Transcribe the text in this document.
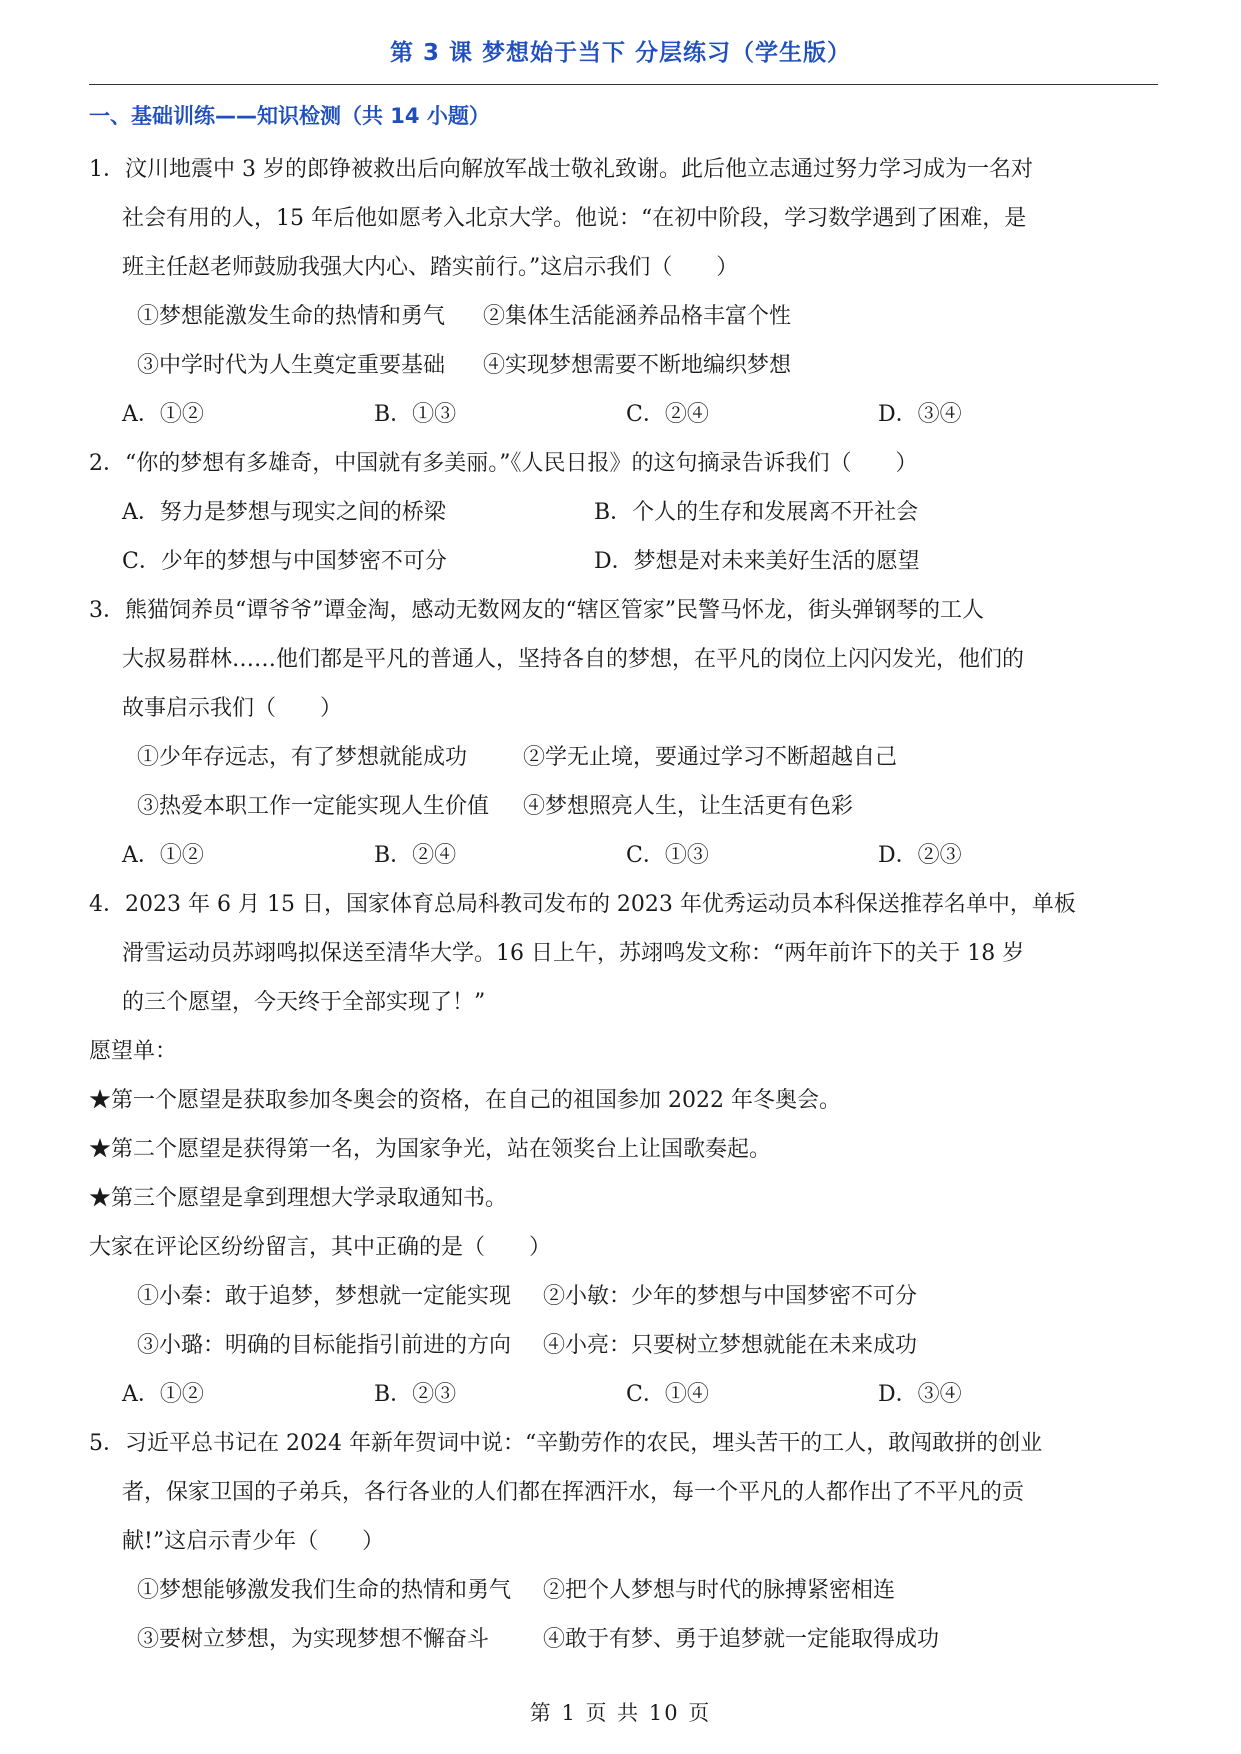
第 3 课 梦想始于当下 分层练习（学生版）
一、基础训练——知识检测（共 14 小题）
1．汶川地震中 3 岁的郎铮被救出后向解放军战士敬礼致谢。此后他立志通过努力学习成为一名对
社会有用的人，15 年后他如愿考入北京大学。他说：“在初中阶段，学习数学遇到了困难，是
班主任赵老师鼓励我强大内心、踏实前行。”这启示我们（　　）
①梦想能激发生命的热情和勇气	②集体生活能涵养品格丰富个性
③中学时代为人生奠定重要基础	④实现梦想需要不断地编织梦想
A．①②	B．①③	C．②④	D．③④
2．“你的梦想有多雄奇，中国就有多美丽。”《人民日报》的这句摘录告诉我们（　　）
A．努力是梦想与现实之间的桥梁	B．个人的生存和发展离不开社会
C．少年的梦想与中国梦密不可分	D．梦想是对未来美好生活的愿望
3．熊猫饲养员“谭爷爷”谭金淘，感动无数网友的“辖区管家”民警马怀龙，街头弹钢琴的工人
大叔易群林……他们都是平凡的普通人，坚持各自的梦想，在平凡的岗位上闪闪发光，他们的
故事启示我们（　　）
①少年存远志，有了梦想就能成功	②学无止境，要通过学习不断超越自己
③热爱本职工作一定能实现人生价值	④梦想照亮人生，让生活更有色彩
A．①②	B．②④	C．①③	D．②③
4．2023 年 6 月 15 日，国家体育总局科教司发布的 2023 年优秀运动员本科保送推荐名单中，单板
滑雪运动员苏翊鸣拟保送至清华大学。16 日上午，苏翊鸣发文称：“两年前许下的关于 18 岁
的三个愿望，今天终于全部实现了！”
愿望单：
★第一个愿望是获取参加冬奥会的资格，在自己的祖国参加 2022 年冬奥会。
★第二个愿望是获得第一名，为国家争光，站在领奖台上让国歌奏起。
★第三个愿望是拿到理想大学录取通知书。
大家在评论区纷纷留言，其中正确的是（　　）
①小秦：敢于追梦，梦想就一定能实现	②小敏：少年的梦想与中国梦密不可分
③小璐：明确的目标能指引前进的方向	④小亮：只要树立梦想就能在未来成功
A．①②	B．②③	C．①④	D．③④
5．习近平总书记在 2024 年新年贺词中说：“辛勤劳作的农民，埋头苦干的工人，敢闯敢拼的创业
者，保家卫国的子弟兵，各行各业的人们都在挥洒汗水，每一个平凡的人都作出了不平凡的贡
献!”这启示青少年（　　）
①梦想能够激发我们生命的热情和勇气	②把个人梦想与时代的脉搏紧密相连
③要树立梦想，为实现梦想不懈奋斗	④敢于有梦、勇于追梦就一定能取得成功
第 1 页 共 10 页
